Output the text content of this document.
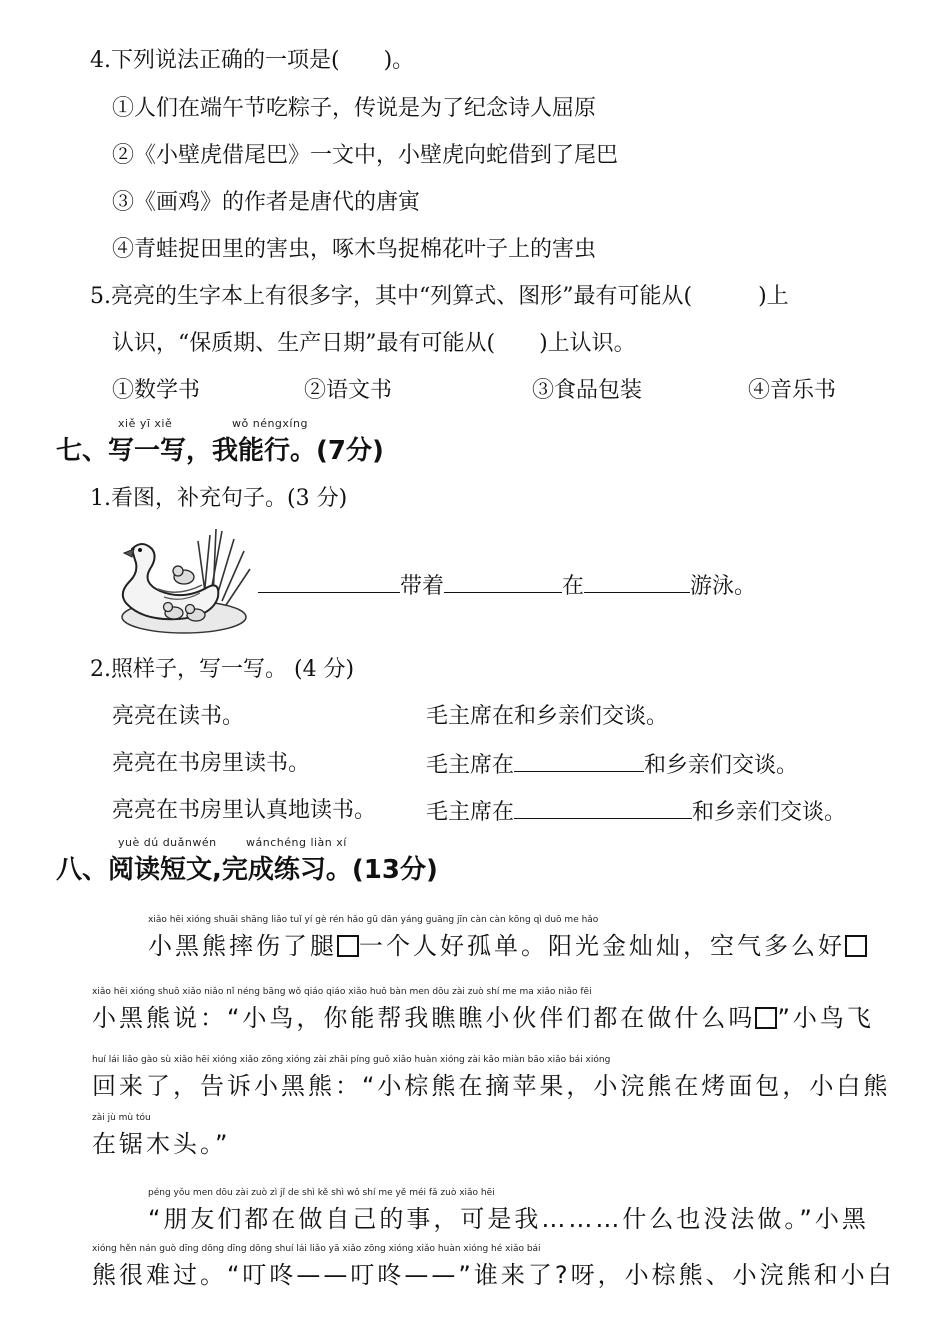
4.下列说法正确的一项是(　　)。
①人们在端午节吃粽子，传说是为了纪念诗人屈原
②《小壁虎借尾巴》一文中，小壁虎向蛇借到了尾巴
③《画鸡》的作者是唐代的唐寅
④青蛙捉田里的害虫，啄木鸟捉棉花叶子上的害虫
5.亮亮的生字本上有很多字，其中“列算式、图形”最有可能从(　　　)上
认识，“保质期、生产日期”最有可能从(　　)上认识。
①数学书	②语文书	③食品包装	④音乐书
xiě yī xiě	wǒ néngxíng
七、写一写，我能行。(7分)
1.看图，补充句子。(3 分)
带着	在	游泳。
2.照样子，写一写。 (4 分)
亮亮在读书。	毛主席在和乡亲们交谈。
亮亮在书房里读书。	毛主席在	和乡亲们交谈。
亮亮在书房里认真地读书。 毛主席在	和乡亲们交谈。
yuè dú duǎnwén	wánchéng liàn xí
八、阅读短文,完成练习。(13分)
xiǎo hēi xióng shuāi shāng liǎo tuǐ yí gè rén hǎo gū dān yáng guāng jīn càn càn kōng qì duō me hǎo
小黑熊摔伤了腿 一个人好孤单。阳光金灿灿，空气多么好
xiǎo hēi xióng shuō xiǎo niǎo nǐ néng bāng wǒ qiáo qiáo xiǎo huǒ bàn men dōu zài zuò shí me ma xiǎo niǎo fēi
小黑熊说：“小鸟，你能帮我瞧瞧小伙伴们都在做什么吗 ”小鸟飞
huí lái liǎo gào sù xiǎo hēi xióng xiǎo zōng xióng zài zhāi píng guǒ xiǎo huàn xióng zài kǎo miàn bāo xiǎo bái xióng
回来了，告诉小黑熊：“小棕熊在摘苹果，小浣熊在烤面包，小白熊
zài jù mù tóu
在锯木头。”
péng yǒu men dōu zài zuò zì jǐ de shì kě shì wǒ shí me yě méi fǎ zuò xiǎo hēi
“朋友们都在做自己的事，可是我………什么也没法做。”小黑
xióng hěn nán guò dīng dōng dīng dōng shuí lái liǎo yā xiǎo zōng xióng xiǎo huàn xióng hé xiǎo bái
熊很难过。“叮咚——叮咚——”谁来了?呀，小棕熊、小浣熊和小白
